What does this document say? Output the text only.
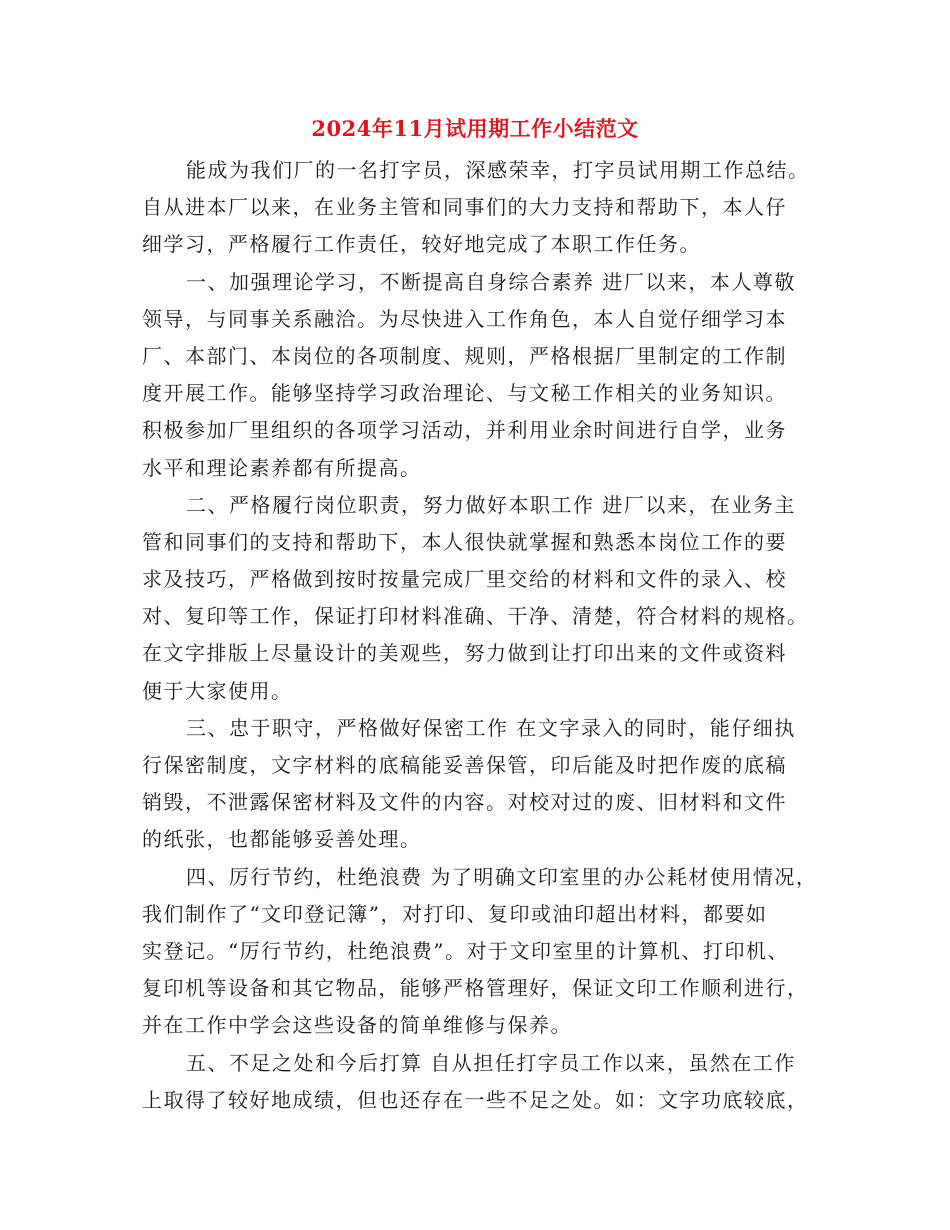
2024年11月试用期工作小结范文
能成为我们厂的一名打字员，深感荣幸，打字员试用期工作总结。
自从进本厂以来，在业务主管和同事们的大力支持和帮助下，本人仔
细学习，严格履行工作责任，较好地完成了本职工作任务。
一、加强理论学习，不断提高自身综合素养 进厂以来，本人尊敬
领导，与同事关系融洽。为尽快进入工作角色，本人自觉仔细学习本
厂、本部门、本岗位的各项制度、规则，严格根据厂里制定的工作制
度开展工作。能够坚持学习政治理论、与文秘工作相关的业务知识。
积极参加厂里组织的各项学习活动，并利用业余时间进行自学，业务
水平和理论素养都有所提高。
二、严格履行岗位职责，努力做好本职工作 进厂以来，在业务主
管和同事们的支持和帮助下，本人很快就掌握和熟悉本岗位工作的要
求及技巧，严格做到按时按量完成厂里交给的材料和文件的录入、校
对、复印等工作，保证打印材料准确、干净、清楚，符合材料的规格。
在文字排版上尽量设计的美观些，努力做到让打印出来的文件或资料
便于大家使用。
三、忠于职守，严格做好保密工作 在文字录入的同时，能仔细执
行保密制度，文字材料的底稿能妥善保管，印后能及时把作废的底稿
销毁，不泄露保密材料及文件的内容。对校对过的废、旧材料和文件
的纸张，也都能够妥善处理。
四、厉行节约，杜绝浪费 为了明确文印室里的办公耗材使用情况，
我们制作了“文印登记簿”，对打印、复印或油印超出材料，都要如
实登记。“厉行节约，杜绝浪费”。对于文印室里的计算机、打印机、
复印机等设备和其它物品，能够严格管理好，保证文印工作顺利进行，
并在工作中学会这些设备的简单维修与保养。
五、不足之处和今后打算 自从担任打字员工作以来，虽然在工作
上取得了较好地成绩，但也还存在一些不足之处。如：文字功底较底，
